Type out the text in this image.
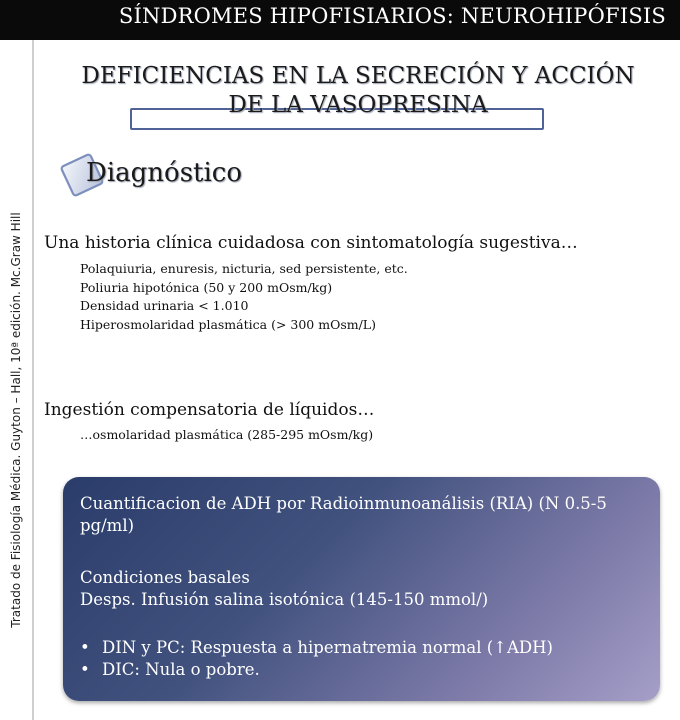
SÍNDROMES HIPOFISIARIOS: NEUROHIPÓFISIS
Tratado de Fisiología Médica. Guyton – Hall, 10ª edición. Mc.Graw Hill
DEFICIENCIAS EN LA SECRECIÓN Y ACCIÓN
DE LA VASOPRESINA
Diagnóstico
Una historia clínica cuidadosa con sintomatología sugestiva…
Polaquiuria, enuresis, nicturia, sed persistente, etc.
Poliuria hipotónica (50 y 200 mOsm/kg)
Densidad urinaria < 1.010
Hiperosmolaridad plasmática (> 300 mOsm/L)
Ingestión compensatoria de líquidos…
…osmolaridad plasmática (285-295 mOsm/kg)
Cuantificacion de ADH por Radioinmunoanálisis (RIA) (N 0.5-5 pg/ml)
Condiciones basales
Desps. Infusión salina isotónica (145-150 mmol/)
• DIN y PC: Respuesta a hipernatremia normal (↑ADH)
• DIC: Nula o pobre.
